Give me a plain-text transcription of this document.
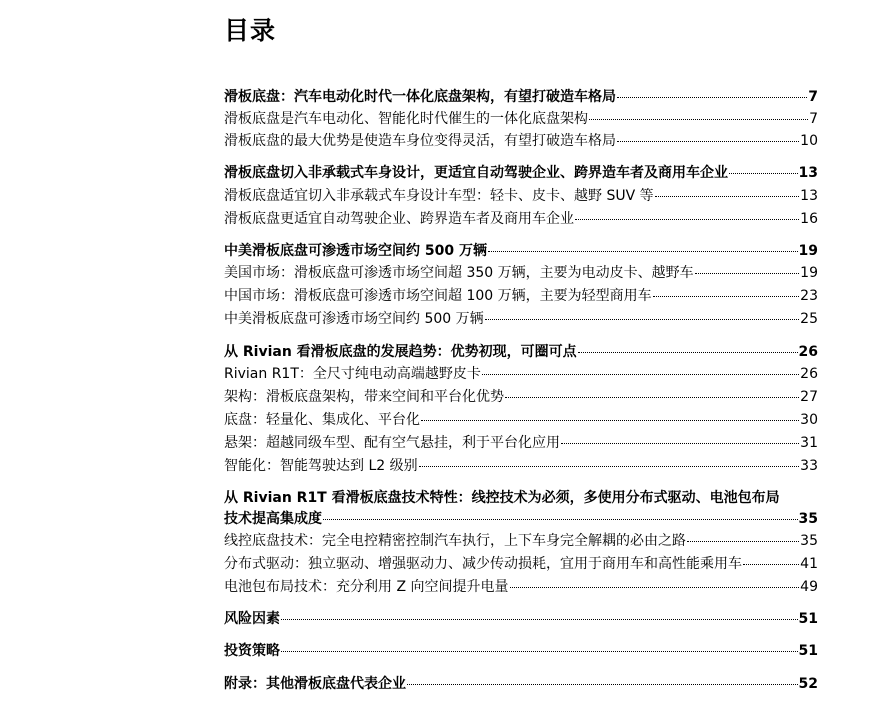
目录
滑板底盘：汽车电动化时代一体化底盘架构，有望打破造车格局	7
滑板底盘是汽车电动化、智能化时代催生的一体化底盘架构	7
滑板底盘的最大优势是使造车身位变得灵活，有望打破造车格局	10
滑板底盘切入非承载式车身设计，更适宜自动驾驶企业、跨界造车者及商用车企业	13
滑板底盘适宜切入非承载式车身设计车型：轻卡、皮卡、越野 SUV 等	13
滑板底盘更适宜自动驾驶企业、跨界造车者及商用车企业	16
中美滑板底盘可渗透市场空间约 500 万辆	19
美国市场：滑板底盘可渗透市场空间超 350 万辆，主要为电动皮卡、越野车	19
中国市场：滑板底盘可渗透市场空间超 100 万辆，主要为轻型商用车	23
中美滑板底盘可渗透市场空间约 500 万辆	25
从 Rivian 看滑板底盘的发展趋势：优势初现，可圈可点	26
Rivian R1T：全尺寸纯电动高端越野皮卡	26
架构：滑板底盘架构，带来空间和平台化优势	27
底盘：轻量化、集成化、平台化	30
悬架：超越同级车型、配有空气悬挂，利于平台化应用	31
智能化：智能驾驶达到 L2 级别	33
从 Rivian R1T 看滑板底盘技术特性：线控技术为必须，多使用分布式驱动、电池包布局
技术提高集成度	35
线控底盘技术：完全电控精密控制汽车执行，上下车身完全解耦的必由之路	35
分布式驱动：独立驱动、增强驱动力、减少传动损耗，宜用于商用车和高性能乘用车	41
电池包布局技术：充分利用 Z 向空间提升电量	49
风险因素	51
投资策略	51
附录：其他滑板底盘代表企业	52
